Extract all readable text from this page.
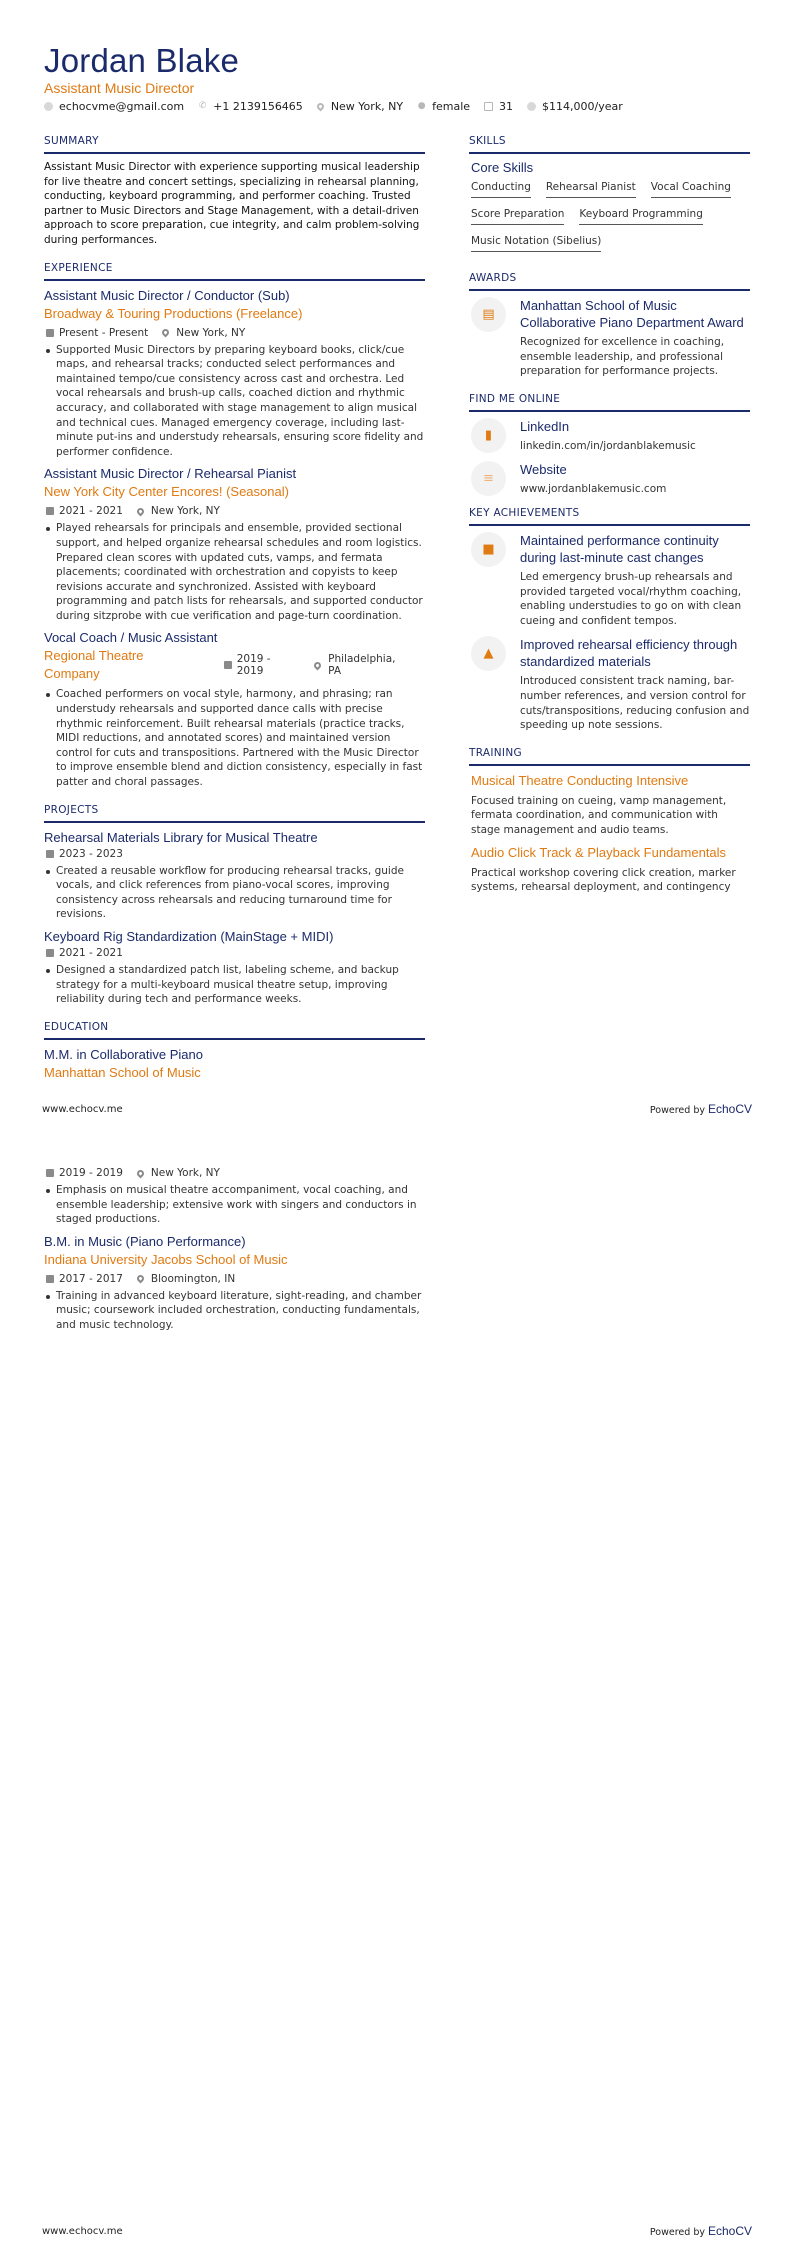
Jordan Blake
Assistant Music Director
echocvme@gmail.com ✆ +1 2139156465	New York, NY ● female	31	$114,000/year
SUMMARY
Assistant Music Director with experience supporting musical leadership for live theatre and concert settings, specializing in rehearsal planning, conducting, keyboard programming, and performer coaching. Trusted partner to Music Directors and Stage Management, with a detail-driven approach to score preparation, cue integrity, and calm problem-solving during performances.
EXPERIENCE
Assistant Music Director / Conductor (Sub)
Broadway & Touring Productions (Freelance)
Present - Present	New York, NY
Supported Music Directors by preparing keyboard books, click/cue maps, and rehearsal tracks; conducted select performances and maintained tempo/cue consistency across cast and orchestra. Led vocal rehearsals and brush-up calls, coached diction and rhythmic accuracy, and collaborated with stage management to align musical and technical cues. Managed emergency coverage, including last-minute put-ins and understudy rehearsals, ensuring score fidelity and performer confidence.
Assistant Music Director / Rehearsal Pianist
New York City Center Encores! (Seasonal)
2021 - 2021	New York, NY
Played rehearsals for principals and ensemble, provided sectional support, and helped organize rehearsal schedules and room logistics. Prepared clean scores with updated cuts, vamps, and fermata placements; coordinated with orchestration and copyists to keep revisions accurate and synchronized. Assisted with keyboard programming and patch lists for rehearsals, and supported conductor during sitzprobe with cue verification and page-turn coordination.
Vocal Coach / Music Assistant
Regional Theatre Company
2019 - 2019
Philadelphia, PA
Coached performers on vocal style, harmony, and phrasing; ran understudy rehearsals and supported dance calls with precise rhythmic reinforcement. Built rehearsal materials (practice tracks, MIDI reductions, and annotated scores) and maintained version control for cuts and transpositions. Partnered with the Music Director to improve ensemble blend and diction consistency, especially in fast patter and choral passages.
PROJECTS
Rehearsal Materials Library for Musical Theatre
2023 - 2023
Created a reusable workflow for producing rehearsal tracks, guide vocals, and click references from piano-vocal scores, improving consistency across rehearsals and reducing turnaround time for revisions.
Keyboard Rig Standardization (MainStage + MIDI)
2021 - 2021
Designed a standardized patch list, labeling scheme, and backup strategy for a multi-keyboard musical theatre setup, improving reliability during tech and performance weeks.
EDUCATION
M.M. in Collaborative Piano
Manhattan School of Music
SKILLS
Core Skills
Conducting Rehearsal Pianist Vocal Coaching
Score Preparation Keyboard Programming
Music Notation (Sibelius)
AWARDS
▤
Manhattan School of Music Collaborative Piano Department Award
Recognized for excellence in coaching, ensemble leadership, and professional preparation for performance projects.
FIND ME ONLINE
▮
LinkedIn
linkedin.com/in/jordanblakemusic
≡
Website
www.jordanblakemusic.com
KEY ACHIEVEMENTS
■
Maintained performance continuity during last-minute cast changes
Led emergency brush-up rehearsals and provided targeted vocal/rhythm coaching, enabling understudies to go on with clean cueing and confident tempos.
▲
Improved rehearsal efficiency through standardized materials
Introduced consistent track naming, bar-number references, and version control for cuts/transpositions, reducing confusion and speeding up note sessions.
TRAINING
Musical Theatre Conducting Intensive
Focused training on cueing, vamp management, fermata coordination, and communication with stage management and audio teams.
Audio Click Track & Playback Fundamentals
Practical workshop covering click creation, marker systems, rehearsal deployment, and contingency
www.echocv.me	Powered by EchoCV
2019 - 2019	New York, NY
Emphasis on musical theatre accompaniment, vocal coaching, and ensemble leadership; extensive work with singers and conductors in staged productions.
B.M. in Music (Piano Performance)
Indiana University Jacobs School of Music
2017 - 2017	Bloomington, IN
Training in advanced keyboard literature, sight-reading, and chamber music; coursework included orchestration, conducting fundamentals, and music technology.
www.echocv.me	Powered by EchoCV
